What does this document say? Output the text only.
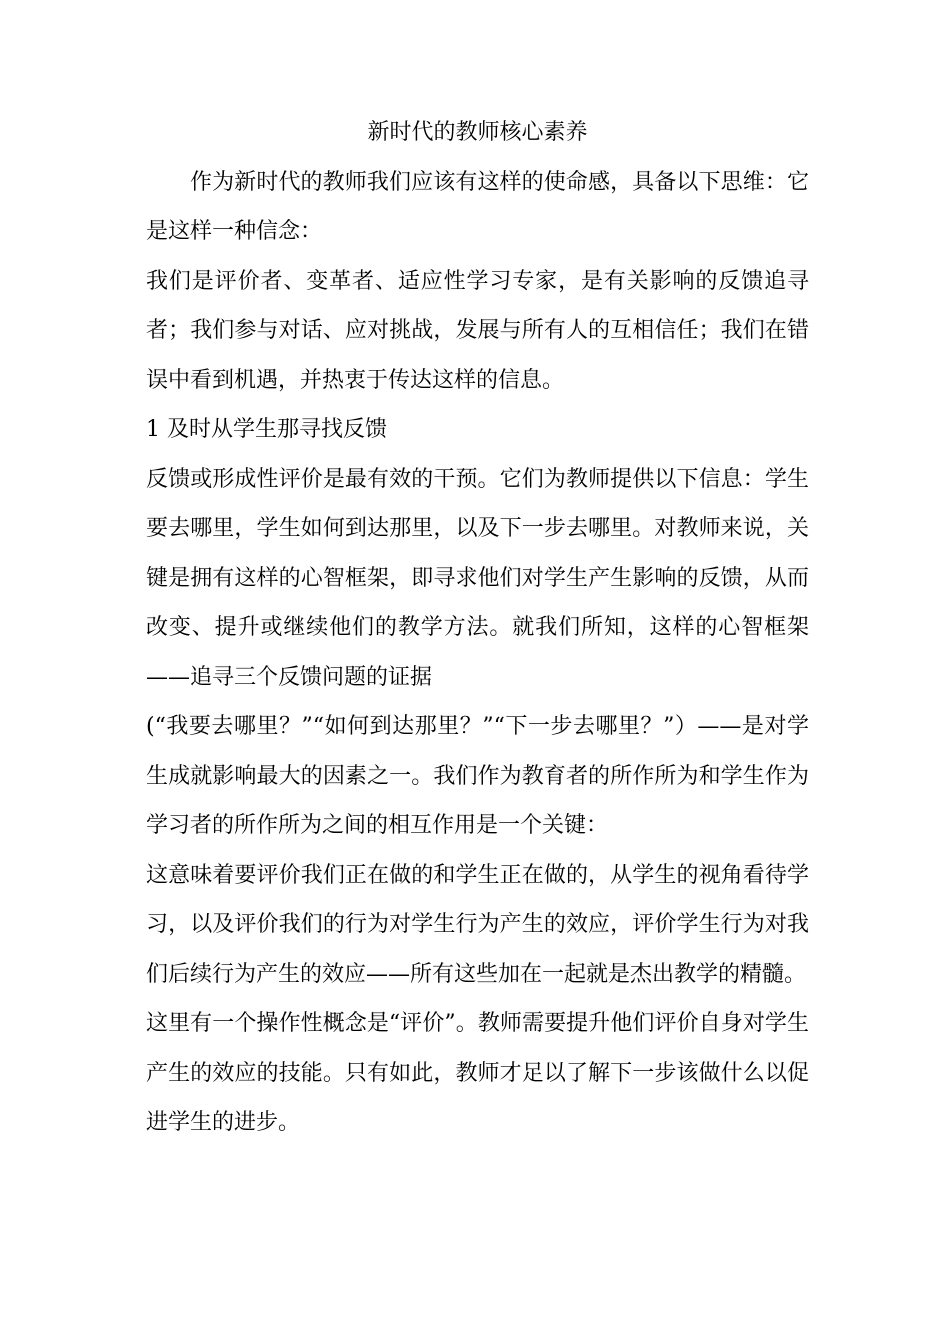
新时代的教师核心素养

作为新时代的教师我们应该有这样的使命感，具备以下思维：它是这样一种信念：

我们是评价者、变革者、适应性学习专家，是有关影响的反馈追寻者；我们参与对话、应对挑战，发展与所有人的互相信任；我们在错误中看到机遇，并热衷于传达这样的信息。

1 及时从学生那寻找反馈

反馈或形成性评价是最有效的干预。它们为教师提供以下信息：学生要去哪里，学生如何到达那里，以及下一步去哪里。对教师来说，关键是拥有这样的心智框架，即寻求他们对学生产生影响的反馈，从而改变、提升或继续他们的教学方法。就我们所知，这样的心智框架——追寻三个反馈问题的证据

(“我要去哪里？”“如何到达那里？”“下一步去哪里？”）——是对学生成就影响最大的因素之一。我们作为教育者的所作所为和学生作为学习者的所作所为之间的相互作用是一个关键：

这意味着要评价我们正在做的和学生正在做的，从学生的视角看待学习，以及评价我们的行为对学生行为产生的效应，评价学生行为对我们后续行为产生的效应——所有这些加在一起就是杰出教学的精髓。

这里有一个操作性概念是“评价”。教师需要提升他们评价自身对学生产生的效应的技能。只有如此，教师才足以了解下一步该做什么以促进学生的进步。
